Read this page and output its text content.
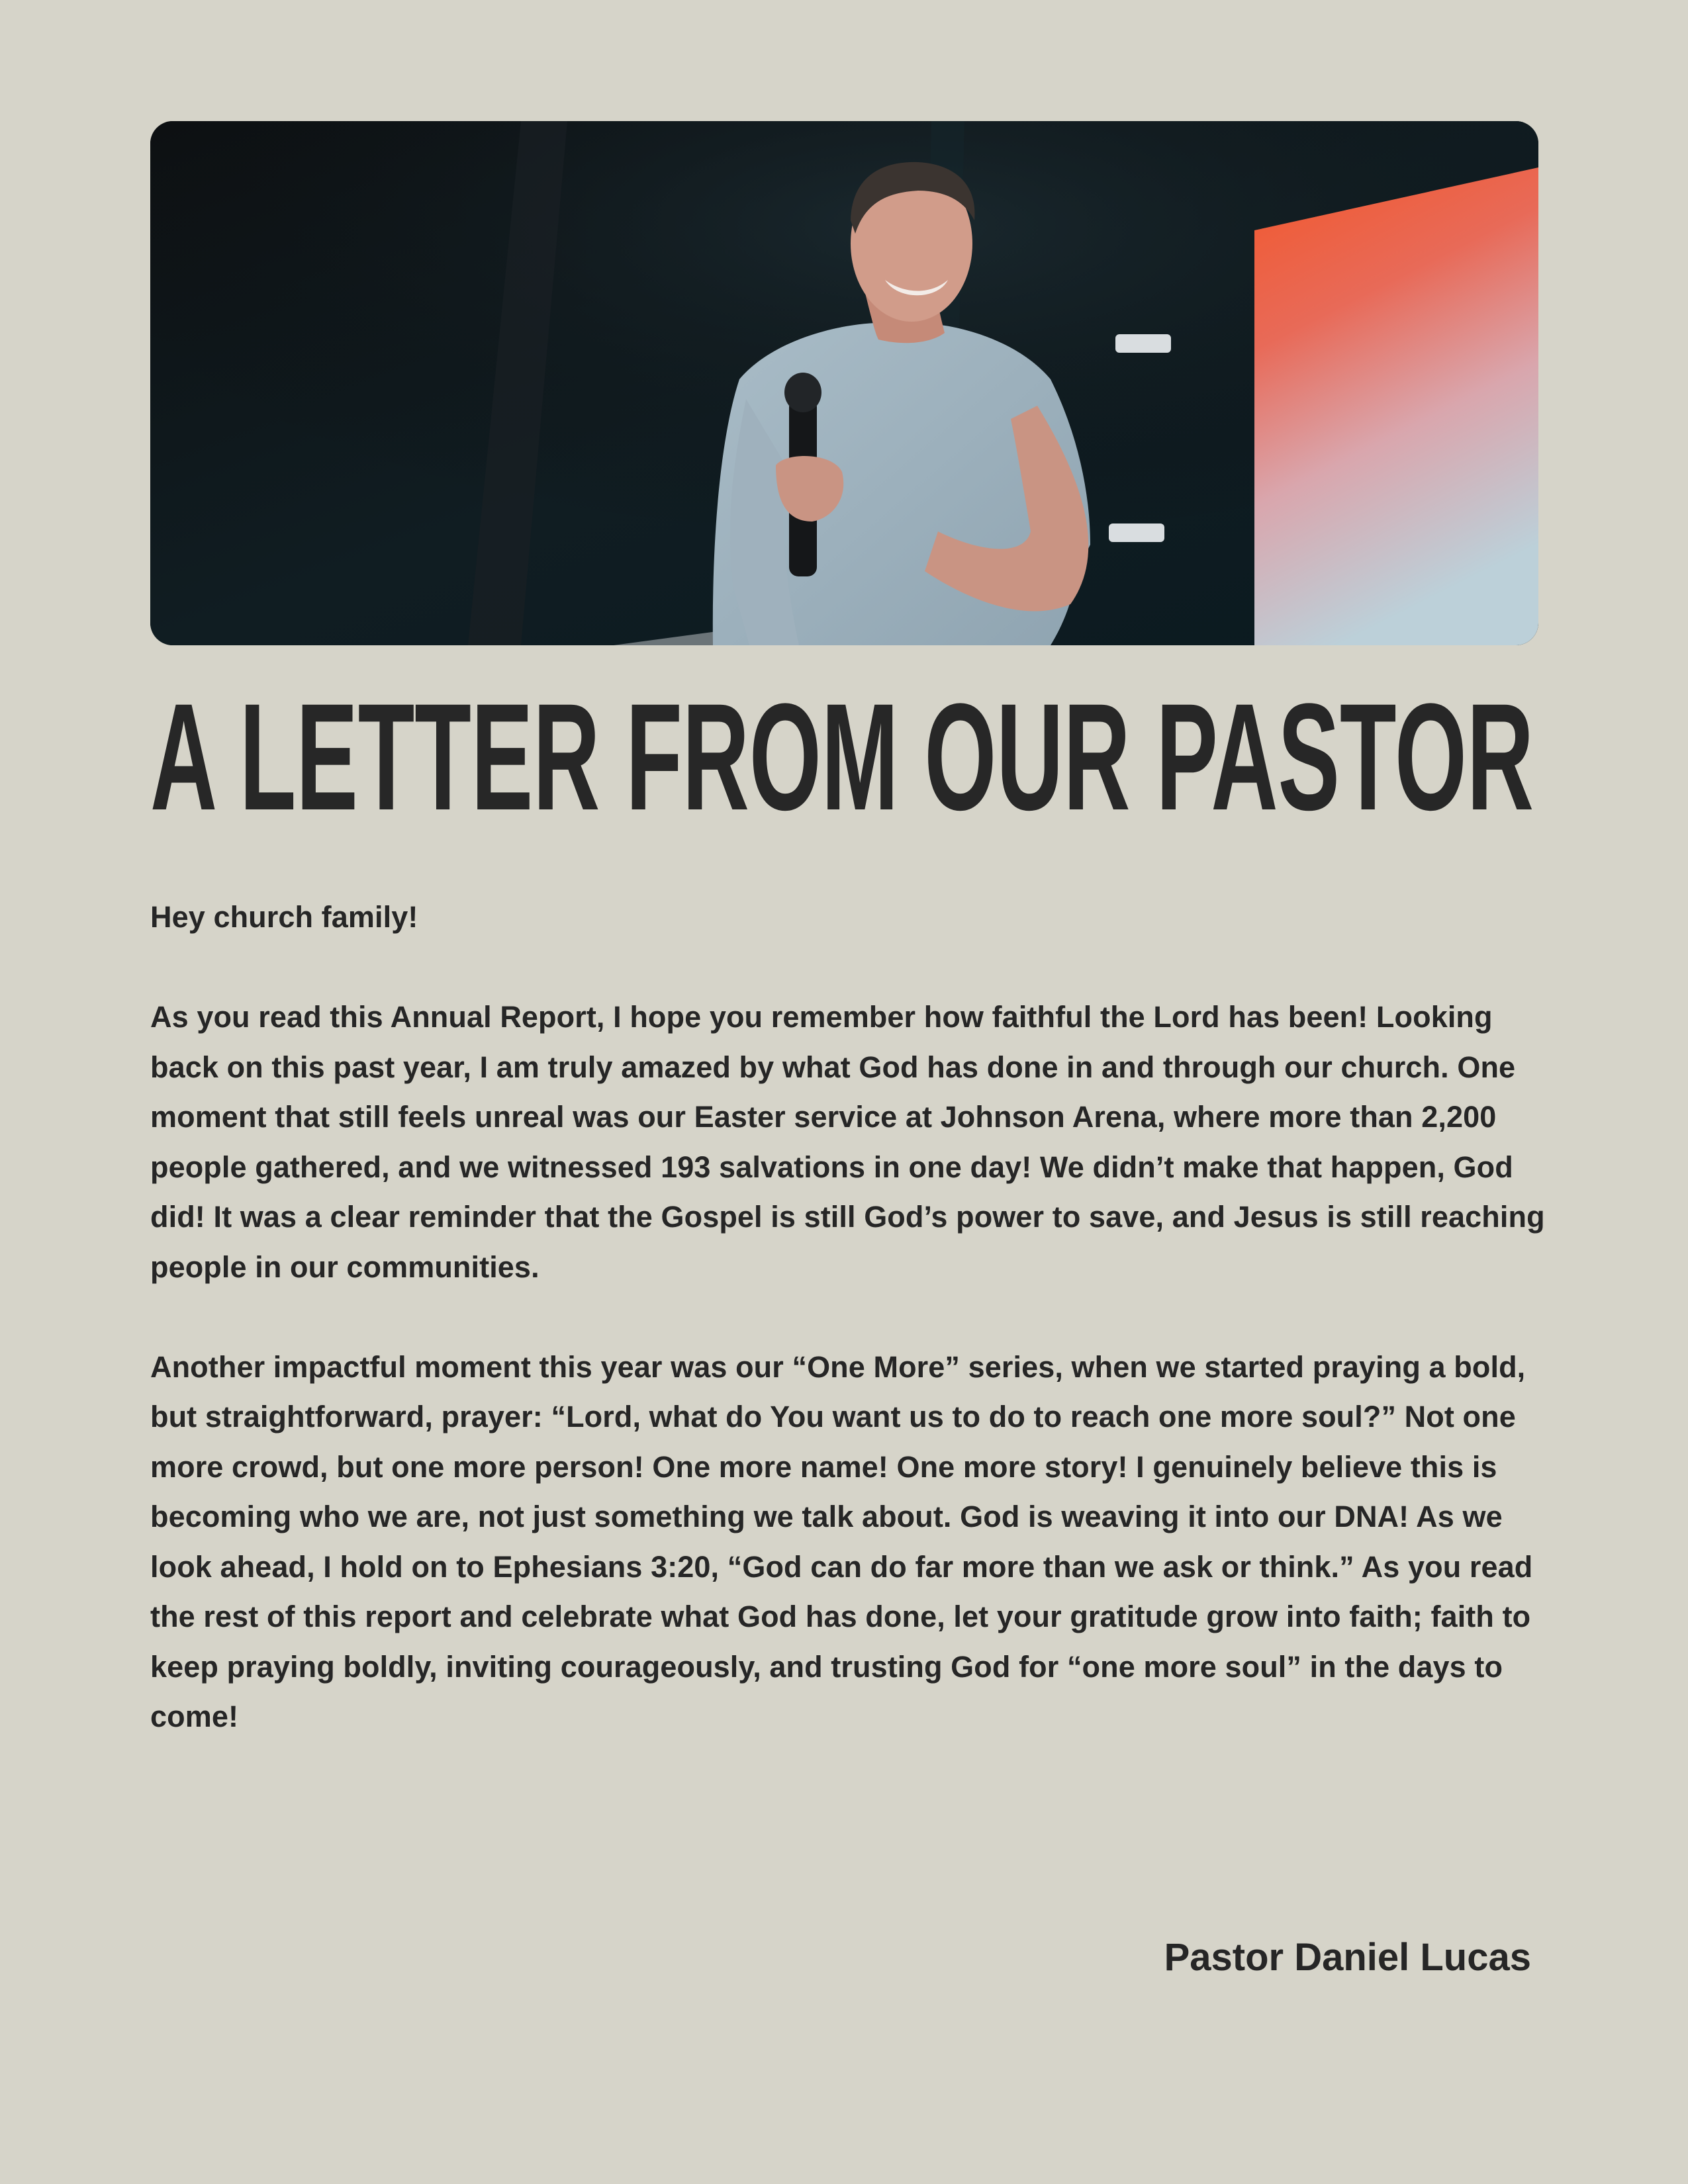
A LETTER FROM OUR PASTOR

Hey church family!

As you read this Annual Report, I hope you remember how faithful the Lord has been! Looking back on this past year, I am truly amazed by what God has done in and through our church. One moment that still feels unreal was our Easter service at Johnson Arena, where more than 2,200 people gathered, and we witnessed 193 salvations in one day! We didn’t make that happen, God did! It was a clear reminder that the Gospel is still God’s power to save, and Jesus is still reaching people in our communities.

Another impactful moment this year was our “One More” series, when we started praying a bold, but straightforward, prayer: “Lord, what do You want us to do to reach one more soul?” Not one more crowd, but one more person! One more name! One more story! I genuinely believe this is becoming who we are, not just something we talk about. God is weaving it into our DNA! As we look ahead, I hold on to Ephesians 3:20, “God can do far more than we ask or think.” As you read the rest of this report and celebrate what God has done, let your gratitude grow into faith; faith to keep praying boldly, inviting courageously, and trusting God for “one more soul” in the days to come!

Pastor Daniel Lucas
